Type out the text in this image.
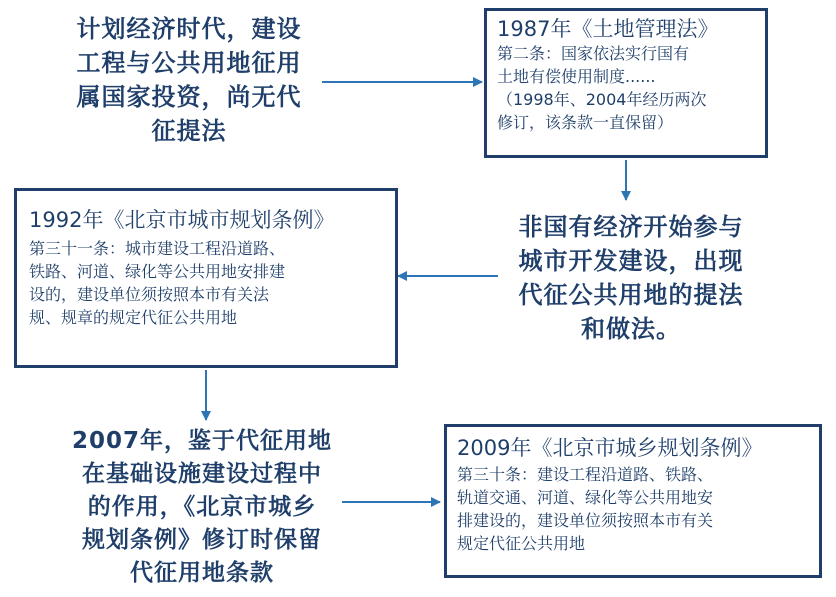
计划经济时代，建设
工程与公共用地征用
属国家投资，尚无代
征提法
1987年《土地管理法》
第二条：国家依法实行国有
土地有偿使用制度......
（1998年、2004年经历两次
修订，该条款一直保留）
非国有经济开始参与
城市开发建设，出现
代征公共用地的提法
和做法。
1992年《北京市城市规划条例》
第三十一条：城市建设工程沿道路、
铁路、河道、绿化等公共用地安排建
设的，建设单位须按照本市有关法
规、规章的规定代征公共用地
2007年，鉴于代征用地
在基础设施建设过程中
的作用，《北京市城乡
规划条例》修订时保留
代征用地条款
2009年《北京市城乡规划条例》
第三十条：建设工程沿道路、铁路、
轨道交通、河道、绿化等公共用地安
排建设的，建设单位须按照本市有关
规定代征公共用地
